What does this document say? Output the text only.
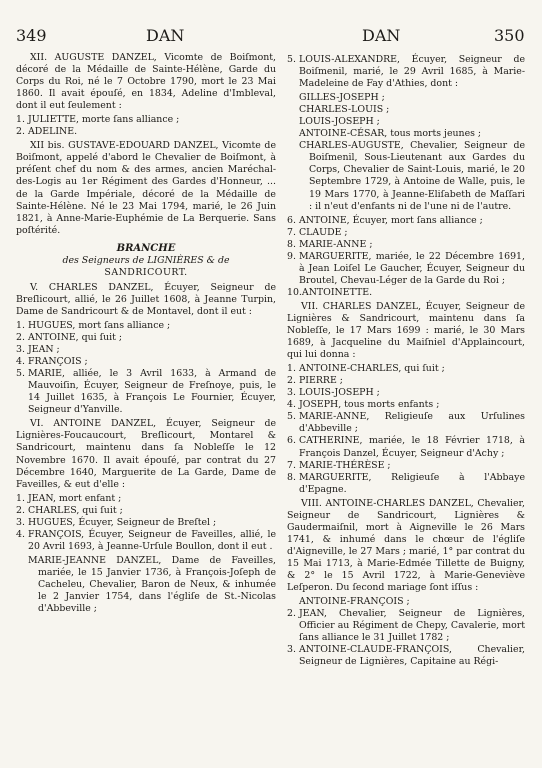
349	DAN	DAN	350

XII. AUGUSTE DANZEL, Vicomte de Boiſmont, décoré de la Médaille de Sainte-Hélène, Garde du Corps du Roi, né le 7 Octobre 1790, mort le 23 Mai 1860. Il avait épouſé, en 1834, Adeline d'Imbleval, dont il eut ſeulement :

1. JULIETTE, morte ſans alliance ;
2. ADELINE.

XII bis. GUSTAVE-EDOUARD DANZEL, Vicomte de Boiſmont, appelé d'abord le Chevalier de Boiſmont, à préſent chef du nom & des armes, ancien Maréchal-des-Logis au 1er Régiment des Gardes d'Honneur, ... de la Garde Impériale, décoré de la Médaille de Sainte-Hélène. Né le 23 Mai 1794, marié, le 26 Juin 1821, à Anne-Marie-Euphémie de La Berquerie. Sans poſtérité.

BRANCHE
des Seigneurs de LIGNIÈRES & de
SANDRICOURT.

V. CHARLES DANZEL, Écuyer, Seigneur de Breſlicourt, allié, le 26 Juillet 1608, à Jeanne Turpin, Dame de Sandricourt & de Montavel, dont il eut :

1. HUGUES, mort ſans alliance ;
2. ANTOINE, qui ſuit ;
3. JEAN ;
4. FRANÇOIS ;
5. MARIE, alliée, le 3 Avril 1633, à Armand de Mauvoiſin, Écuyer, Seigneur de Freſnoye, puis, le 14 Juillet 1635, à François Le Fournier, Écuyer, Seigneur d'Yanville.

VI. ANTOINE DANZEL, Écuyer, Seigneur de Lignières-Foucaucourt, Breſlicourt, Montarel & Sandricourt, maintenu dans ſa Nobleſſe le 12 Novembre 1670. Il avait épouſé, par contrat du 27 Décembre 1640, Marguerite de La Garde, Dame de Faveilles, & eut d'elle :

1. JEAN, mort enfant ;
2. CHARLES, qui ſuit ;
3. HUGUES, Écuyer, Seigneur de Breſtel ;
4. FRANÇOIS, Écuyer, Seigneur de Faveilles, allié, le 20 Avril 1693, à Jeanne-Urſule Boullon, dont il eut .
MARIE-JEANNE DANZEL, Dame de Faveilles, mariée, le 15 Janvier 1736, à François-Joſeph de Cacheleu, Chevalier, Baron de Neux, & inhumée le 2 Janvier 1754, dans l'égliſe de St.-Nicolas d'Abbeville ;
5. LOUIS-ALEXANDRE, Écuyer, Seigneur de Boiſmenil, marié, le 29 Avril 1685, à Marie-Madeleine de Fay d'Athies, dont :
GILLES-JOSEPH ;
CHARLES-LOUIS ;
LOUIS-JOSEPH ;
ANTOINE-CÉSAR, tous morts jeunes ;
CHARLES-AUGUSTE, Chevalier, Seigneur de Boiſmenil, Sous-Lieutenant aux Gardes du Corps, Chevalier de Saint-Louis, marié, le 20 Septembre 1729, à Antoine de Walle, puis, le 19 Mars 1770, à Jeanne-Eliſabeth de Maſſari : il n'eut d'enfants ni de l'une ni de l'autre.
6. ANTOINE, Écuyer, mort ſans alliance ;
7. CLAUDE ;
8. MARIE-ANNE ;
9. MARGUERITE, mariée, le 22 Décembre 1691, à Jean Loiſel Le Gaucher, Écuyer, Seigneur du Broutel, Chevau-Léger de la Garde du Roi ;
10. ANTOINETTE.

VII. CHARLES DANZEL, Écuyer, Seigneur de Lignières & Sandricourt, maintenu dans ſa Nobleſſe, le 17 Mars 1699 : marié, le 30 Mars 1689, à Jacqueline du Maiſniel d'Applaincourt, qui lui donna :

1. ANTOINE-CHARLES, qui ſuit ;
2. PIERRE ;
3. LOUIS-JOSEPH ;
4. JOSEPH, tous morts enfants ;
5. MARIE-ANNE, Religieuſe aux Urſulines d'Abbeville ;
6. CATHERINE, mariée, le 18 Février 1718, à François Danzel, Écuyer, Seigneur d'Achy ;
7. MARIE-THÉRÈSE ;
8. MARGUERITE, Religieuſe à l'Abbaye d'Epagne.

VIII. ANTOINE-CHARLES DANZEL, Chevalier, Seigneur de Sandricourt, Lignières & Gaudermaiſnil, mort à Aigneville le 26 Mars 1741, & inhumé dans le chœur de l'égliſe d'Aigneville, le 27 Mars ; marié, 1° par contrat du 15 Mai 1713, à Marie-Edmée Tillette de Buigny, & 2° le 15 Avril 1722, à Marie-Geneviève Leſperon. Du ſecond mariage ſont iſſus :

ANTOINE-FRANÇOIS ;
2. JEAN, Chevalier, Seigneur de Lignières, Officier au Régiment de Chepy, Cavalerie, mort ſans alliance le 31 Juillet 1782 ;
3. ANTOINE-CLAUDE-FRANÇOIS, Chevalier, Seigneur de Lignières, Capitaine au Régi-
